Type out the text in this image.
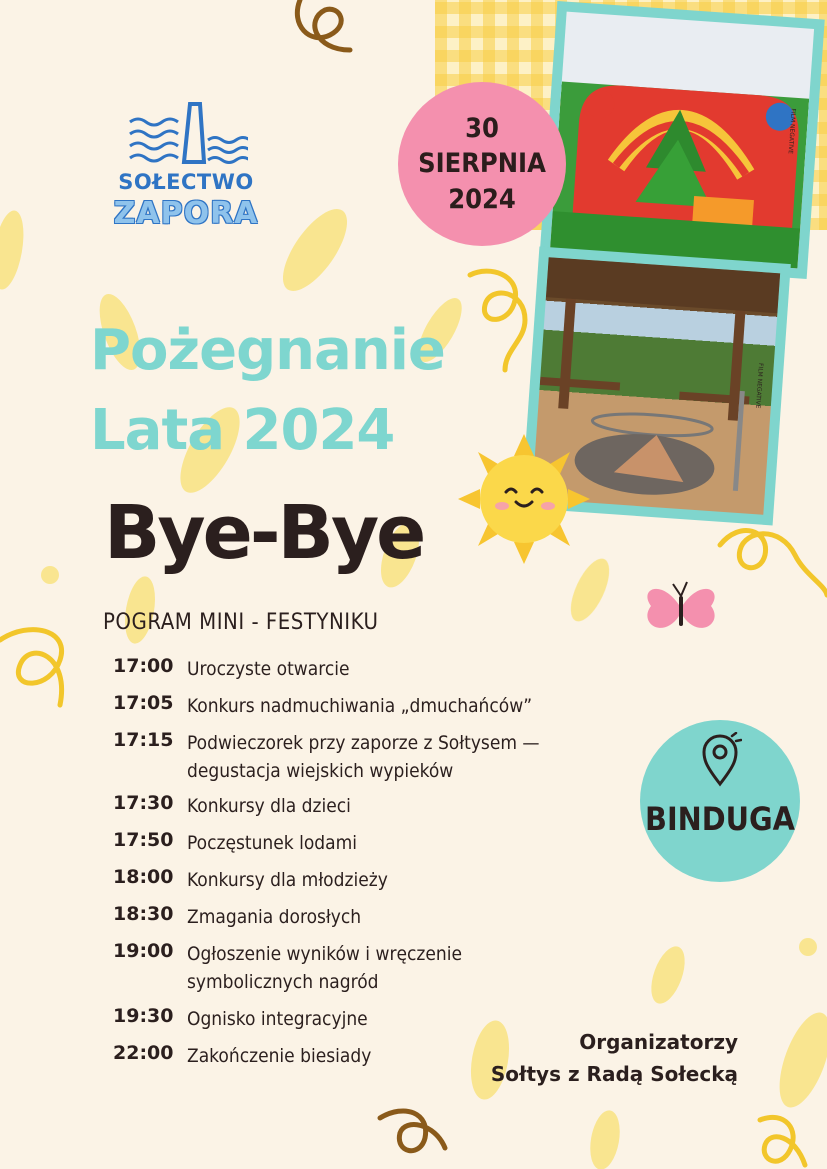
SOŁECTWO
ZAPORA
FILM NEGATIVE
FILM NEGATIVE
30
SIERPNIA
2024
Pożegnanie
Lata 2024
Bye-Bye
POGRAM MINI - FESTYNIKU
17:00 Uroczyste otwarcie
17:05 Konkurs nadmuchiwania „dmuchańców”
17:15 Podwieczorek przy zaporze z Sołtysem — degustacja wiejskich wypieków
17:30 Konkursy dla dzieci
17:50 Poczęstunek lodami
18:00 Konkursy dla młodzieży
18:30 Zmagania dorosłych
19:00 Ogłoszenie wyników i wręczenie symbolicznych nagród
19:30 Ognisko integracyjne
22:00 Zakończenie biesiady
BINDUGA
Organizatorzy
Sołtys z Radą Sołecką
